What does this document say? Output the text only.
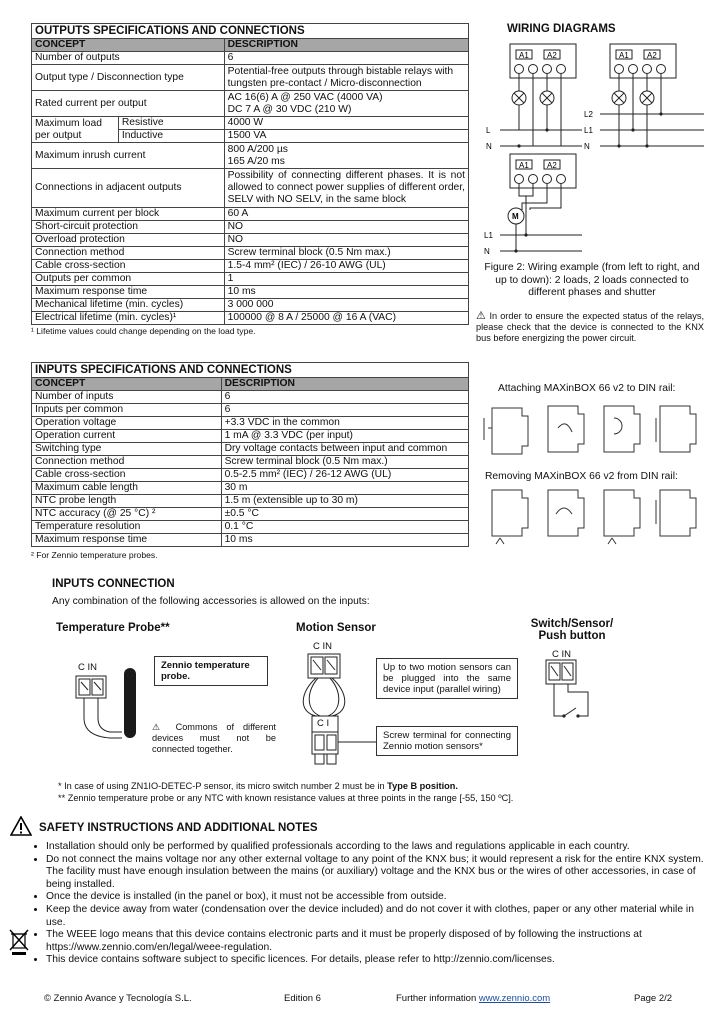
OUTPUTS SPECIFICATIONS AND CONNECTIONS		
CONCEPT		DESCRIPTION
Number of outputs		6
Output type / Disconnection type		Potential-free outputs through bistable relays with tungsten pre-contact / Micro-disconnection
Rated current per output		AC 16(6) A @ 250 VAC (4000 VA)
DC 7 A @ 30 VDC (210 W)

Maximum load per output	Resistive	4000 W
	Inductive	1500 VA
Maximum inrush current		800 A/200 µs
165 A/20 ms

Connections in adjacent outputs		Possibility of connecting different phases. It is not allowed to connect power supplies of different order, SELV with NO SELV, in the same block
Maximum current per block		60 A
Short-circuit protection		NO
Overload protection		NO
Connection method		Screw terminal block (0.5 Nm max.)
Cable cross-section		1.5-4 mm² (IEC) / 26-10 AWG (UL)
Outputs per common		1
Maximum response time		10 ms
Mechanical lifetime (min. cycles)		3 000 000
Electrical lifetime (min. cycles)¹		100000 @ 8 A / 25000 @ 16 A (VAC)
¹ Lifetime values could change depending on the load type.
INPUTS SPECIFICATIONS AND CONNECTIONS	
CONCEPT	DESCRIPTION
Number of inputs	6
Inputs per common	6
Operation voltage	+3.3 VDC in the common
Operation current	1 mA @ 3.3 VDC (per input)
Switching type	Dry voltage contacts between input and common
Connection method	Screw terminal block (0.5 Nm max.)
Cable cross-section	0.5-2.5 mm² (IEC) / 26-12 AWG (UL)
Maximum cable length	30 m
NTC probe length	1.5 m (extensible up to 30 m)
NTC accuracy (@ 25 °C) ²	±0.5 °C
Temperature resolution	0.1 °C
Maximum response time	10 ms
² For Zennio temperature probes.
WIRING DIAGRAMS
A1 A2
L
N
A1 A2
L2
L1
N
A1 A2
M
L1
N
Figure 2: Wiring example (from left to right, and up to down): 2 loads, 2 loads connected to different phases and shutter
⚠ In order to ensure the expected status of the relays, please check that the device is connected to the KNX bus before energizing the power circuit.
Attaching MAXinBOX 66 v2 to DIN rail:
Removing MAXinBOX 66 v2 from DIN rail:
INPUTS CONNECTION
Any combination of the following accessories is allowed on the inputs:
Temperature Probe**	Motion Sensor	Switch/Sensor/ Push button
C IN	Zennio temperature probe.
⚠ Commons of different devices must not be connected together.
C IN
C I
Up to two motion sensors can be plugged into the same device input (parallel wiring)
Screw terminal for connecting Zennio motion sensors*
C IN
* In case of using ZN1IO-DETEC-P sensor, its micro switch number 2 must be in Type B position.
** Zennio temperature probe or any NTC with known resistance values at three points in the range [-55, 150 ºC].
SAFETY INSTRUCTIONS AND ADDITIONAL NOTES
• Installation should only be performed by qualified professionals according to the laws and regulations applicable in each country.
• Do not connect the mains voltage nor any other external voltage to any point of the KNX bus; it would represent a risk for the entire KNX system. The facility must have enough insulation between the mains (or auxiliary) voltage and the KNX bus or the wires of other accessories, in case of being installed.
• Once the device is installed (in the panel or box), it must not be accessible from outside.
• Keep the device away from water (condensation over the device included) and do not cover it with clothes, paper or any other material while in use.
• The WEEE logo means that this device contains electronic parts and it must be properly disposed of by following the instructions at https://www.zennio.com/en/legal/weee-regulation.
• This device contains software subject to specific licences. For details, please refer to http://zennio.com/licenses.
© Zennio Avance y Tecnología S.L.	Edition 6	Further information www.zennio.com	Page 2/2
